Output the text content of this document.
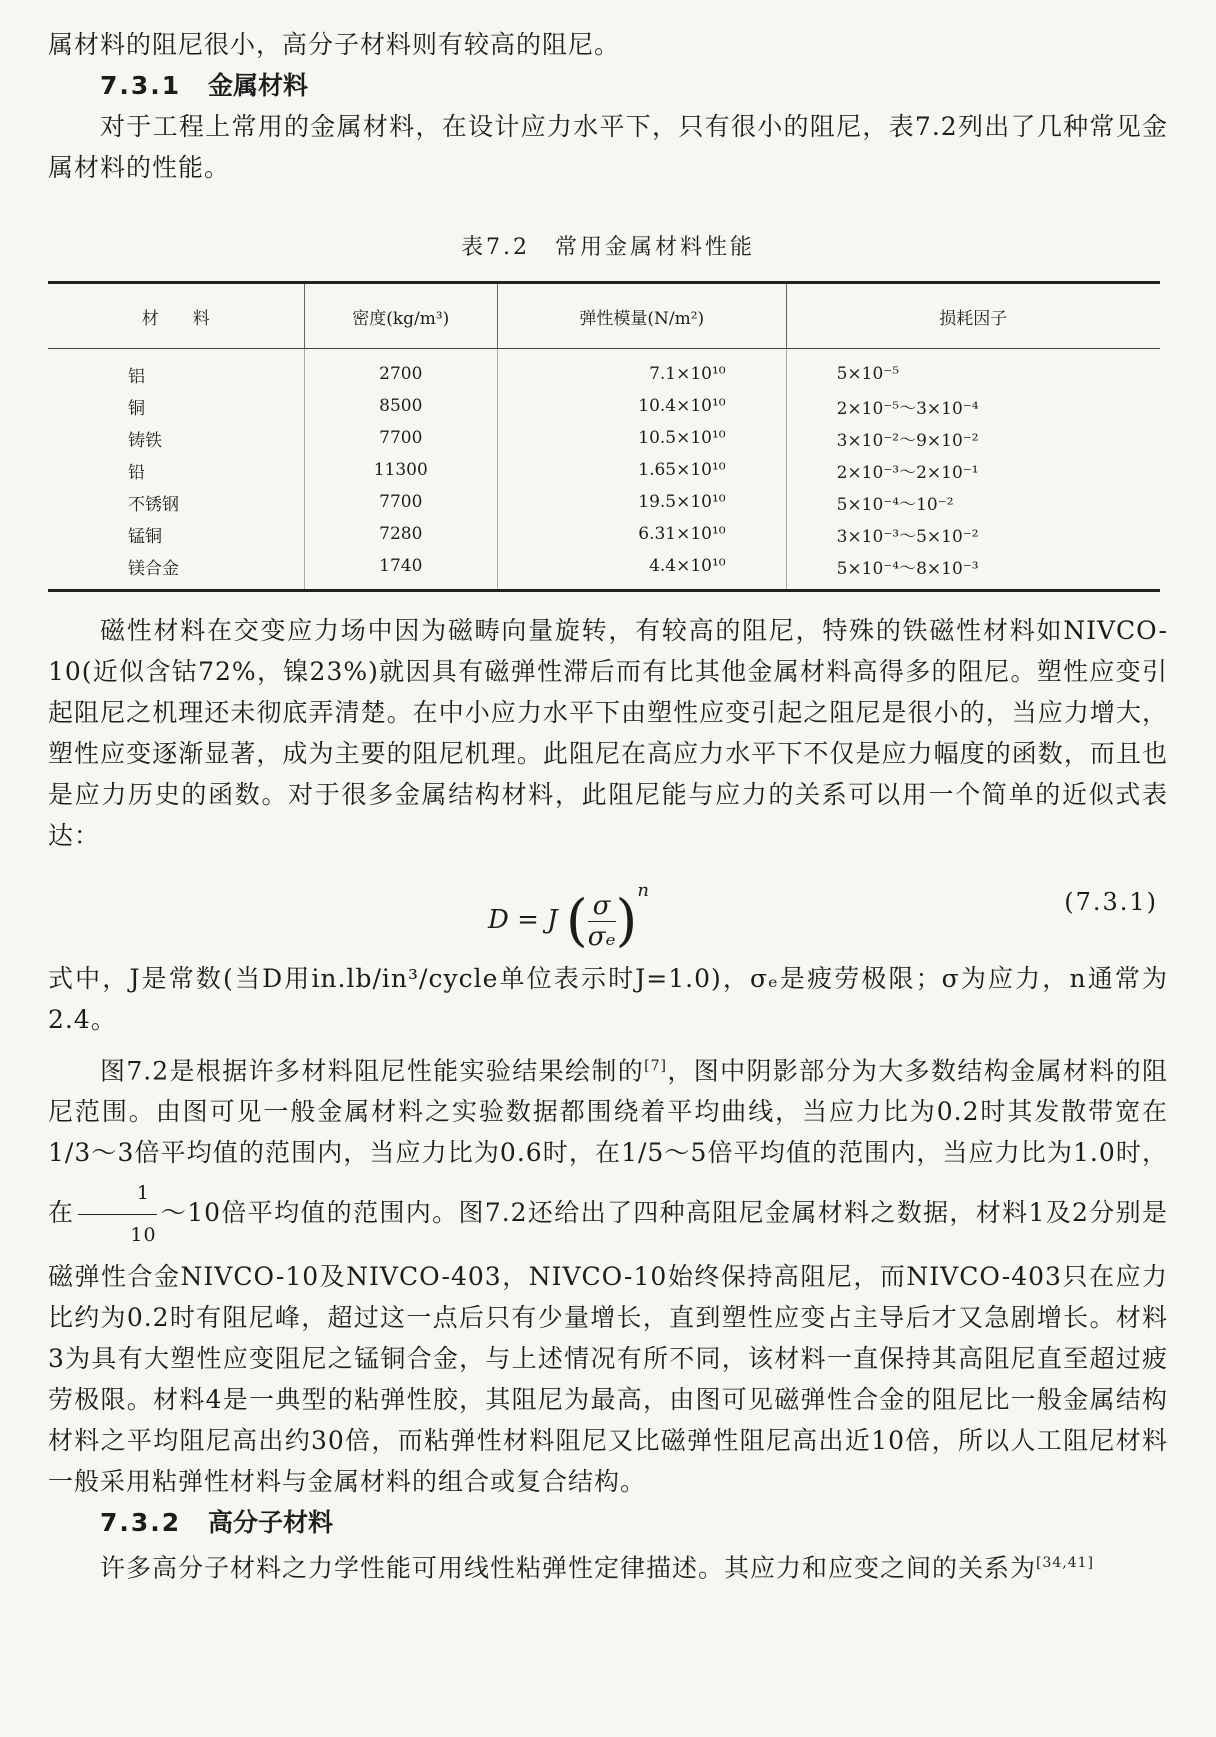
属材料的阻尼很小，高分子材料则有较高的阻尼。

7.3.1 金属材料

对于工程上常用的金属材料，在设计应力水平下，只有很小的阻尼，表7.2列出了几种常见金属材料的性能。

表7.2　常用金属材料性能
材　　料	密度(kg/m³)	弹性模量(N/m²)	损耗因子
铝	2700	7.1×10¹⁰	5×10⁻⁵
铜	8500	10.4×10¹⁰	2×10⁻⁵～3×10⁻⁴
铸铁	7700	10.5×10¹⁰	3×10⁻²～9×10⁻²
铅	11300	1.65×10¹⁰	2×10⁻³～2×10⁻¹
不锈钢	7700	19.5×10¹⁰	5×10⁻⁴～10⁻²
锰铜	7280	6.31×10¹⁰	3×10⁻³～5×10⁻²
镁合金	1740	4.4×10¹⁰	5×10⁻⁴～8×10⁻³

磁性材料在交变应力场中因为磁畴向量旋转，有较高的阻尼，特殊的铁磁性材料如NIVCO-10(近似含钴72%，镍23%)就因具有磁弹性滞后而有比其他金属材料高得多的阻尼。塑性应变引起阻尼之机理还未彻底弄清楚。在中小应力水平下由塑性应变引起之阻尼是很小的，当应力增大，塑性应变逐渐显著，成为主要的阻尼机理。此阻尼在高应力水平下不仅是应力幅度的函数，而且也是应力历史的函数。对于很多金属结构材料，此阻尼能与应力的关系可以用一个简单的近似式表达：

D = J ( $\frac{\sigma}{\text{σₑ}} )^n$	(7.3.1)

式中，J是常数(当D用in.lb/in³/cycle单位表示时J=1.0)，σₑ是疲劳极限；σ为应力，n通常为2.4。

图7.2是根据许多材料阻尼性能实验结果绘制的[7]，图中阴影部分为大多数结构金属材料的阻尼范围。由图可见一般金属材料之实验数据都围绕着平均曲线，当应力比为0.2时其发散带宽在1/3～3倍平均值的范围内，当应力比为0.6时，在1/5～5倍平均值的范围内，当应力比为1.0时，在 $\frac{1}{10}$ ～10倍平均值的范围内。图7.2还给出了四种高阻尼金属材料之数据，材料1及2分别是磁弹性合金NIVCO-10及NIVCO-403，NIVCO-10始终保持高阻尼，而NIVCO-403只在应力比约为0.2时有阻尼峰，超过这一点后只有少量增长，直到塑性应变占主导后才又急剧增长。材料3为具有大塑性应变阻尼之锰铜合金，与上述情况有所不同，该材料一直保持其高阻尼直至超过疲劳极限。材料4是一典型的粘弹性胶，其阻尼为最高，由图可见磁弹性合金的阻尼比一般金属结构材料之平均阻尼高出约30倍，而粘弹性材料阻尼又比磁弹性阻尼高出近10倍，所以人工阻尼材料一般采用粘弹性材料与金属材料的组合或复合结构。

7.3.2 高分子材料

许多高分子材料之力学性能可用线性粘弹性定律描述。其应力和应变之间的关系为[34,41]
